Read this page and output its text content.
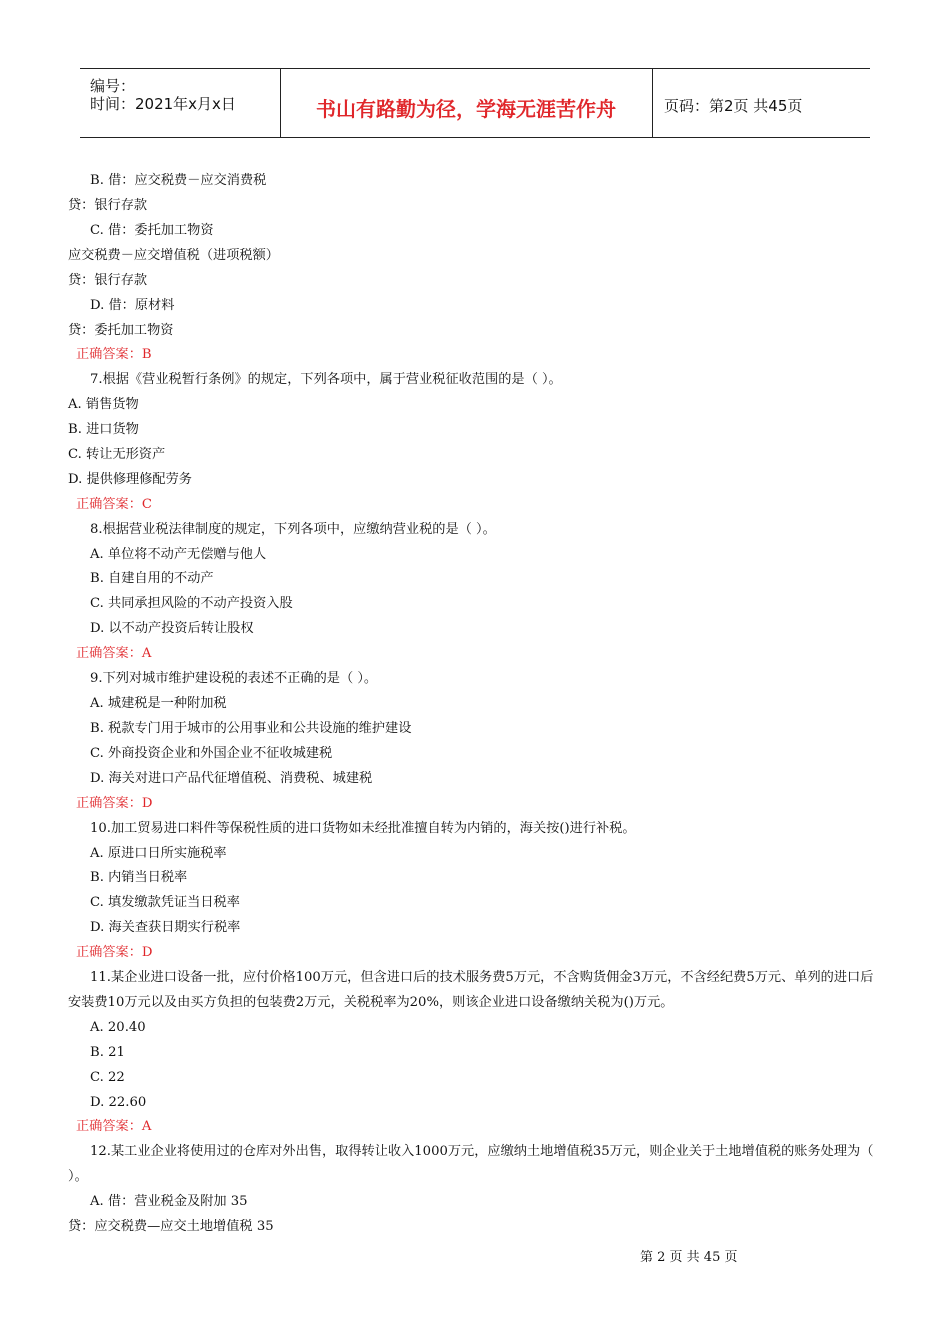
编号：
时间：2021年x月x日	书山有路勤为径，学海无涯苦作舟	页码：第2页 共45页
B. 借：应交税费－应交消费税
贷：银行存款
C. 借：委托加工物资
应交税费－应交增值税（进项税额）
贷：银行存款
D. 借：原材料
贷：委托加工物资
正确答案：B
7.根据《营业税暂行条例》的规定，下列各项中，属于营业税征收范围的是（ ）。
A. 销售货物
B. 进口货物
C. 转让无形资产
D. 提供修理修配劳务
正确答案：C
8.根据营业税法律制度的规定，下列各项中，应缴纳营业税的是（ ）。
A. 单位将不动产无偿赠与他人
B. 自建自用的不动产
C. 共同承担风险的不动产投资入股
D. 以不动产投资后转让股权
正确答案：A
9.下列对城市维护建设税的表述不正确的是（ ）。
A. 城建税是一种附加税
B. 税款专门用于城市的公用事业和公共设施的维护建设
C. 外商投资企业和外国企业不征收城建税
D. 海关对进口产品代征增值税、消费税、城建税
正确答案：D
10.加工贸易进口料件等保税性质的进口货物如未经批准擅自转为内销的，海关按()进行补税。
A. 原进口日所实施税率
B. 内销当日税率
C. 填发缴款凭证当日税率
D. 海关查获日期实行税率
正确答案：D
11.某企业进口设备一批，应付价格100万元，但含进口后的技术服务费5万元，不含购货佣金3万元，不含经纪费5万元、单列的进口后安装费10万元以及由买方负担的包装费2万元，关税税率为20%，则该企业进口设备缴纳关税为()万元。
A. 20.40
B. 21
C. 22
D. 22.60
正确答案：A
12.某工业企业将使用过的仓库对外出售，取得转让收入1000万元，应缴纳土地增值税35万元，则企业关于土地增值税的账务处理为（ ）。
A. 借：营业税金及附加 35
贷：应交税费—应交土地增值税 35
第 2 页 共 45 页
